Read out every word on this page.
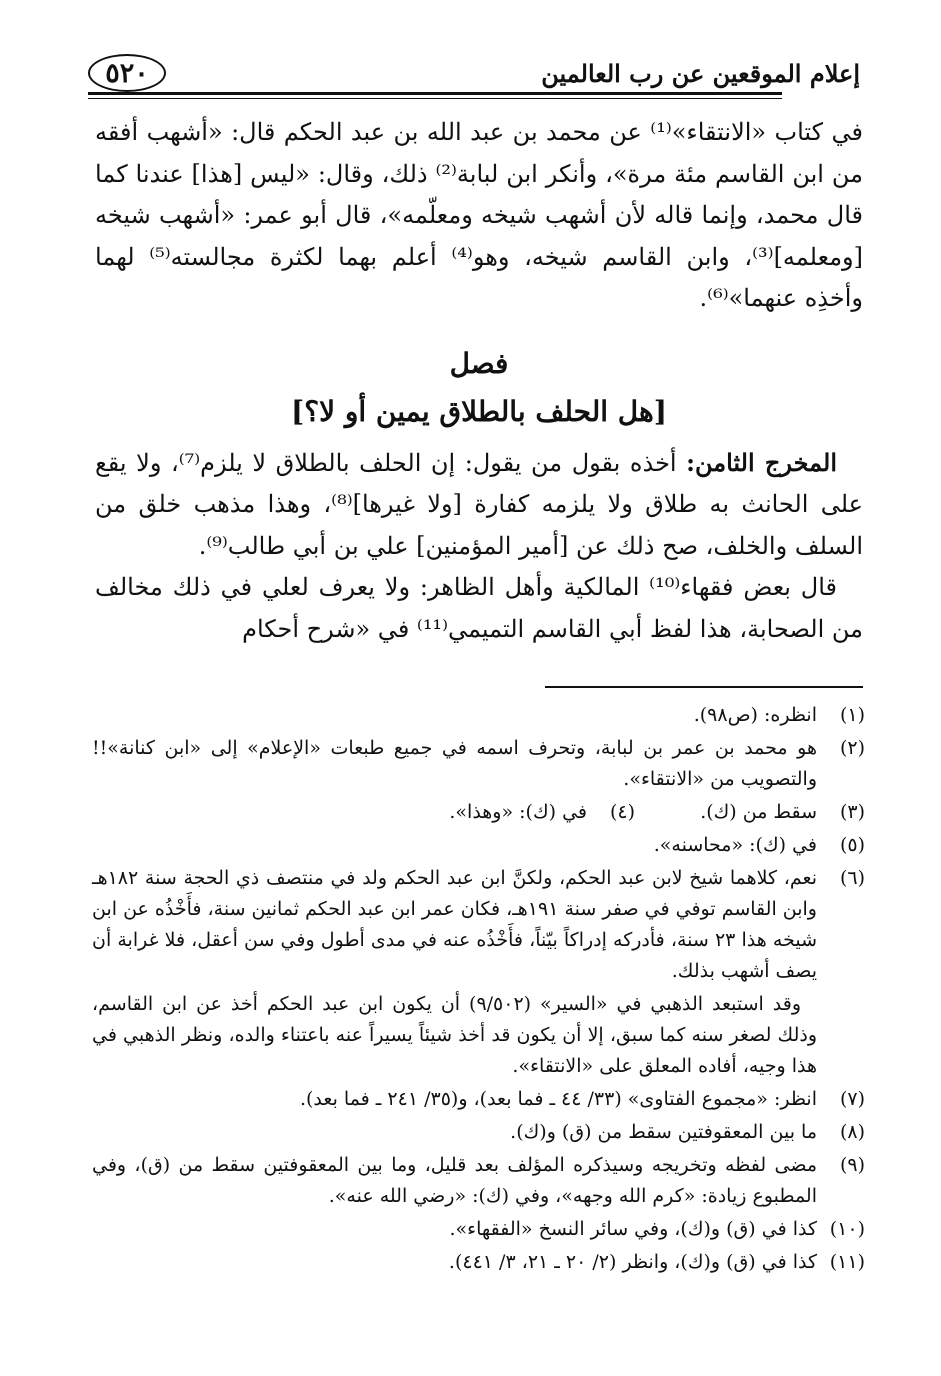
إعلام الموقعين عن رب العالمين
٥٢٠

في كتاب «الانتقاء»⁽¹⁾ عن محمد بن عبد الله بن عبد الحكم قال: «أشهب أفقه من ابن القاسم مئة مرة»، وأنكر ابن لبابة⁽²⁾ ذلك، وقال: «ليس [هذا] عندنا كما قال محمد، وإنما قاله لأن أشهب شيخه ومعلّمه»، قال أبو عمر: «أشهب شيخه [ومعلمه]⁽³⁾، وابن القاسم شيخه، وهو⁽⁴⁾ أعلم بهما لكثرة مجالسته⁽⁵⁾ لهما وأخذِه عنهما»⁽⁶⁾.

فصل
[هل الحلف بالطلاق يمين أو لا؟]

المخرج الثامن: أخذه بقول من يقول: إن الحلف بالطلاق لا يلزم⁽⁷⁾، ولا يقع على الحانث به طلاق ولا يلزمه كفارة [ولا غيرها]⁽⁸⁾، وهذا مذهب خلق من السلف والخلف، صح ذلك عن [أمير المؤمنين] علي بن أبي طالب⁽⁹⁾.

قال بعض فقهاء⁽¹⁰⁾ المالكية وأهل الظاهر: ولا يعرف لعلي في ذلك مخالف من الصحابة، هذا لفظ أبي القاسم التميمي⁽¹¹⁾ في «شرح أحكام

(١)
انظره: (ص٩٨).
(٢)
هو محمد بن عمر بن لبابة، وتحرف اسمه في جميع طبعات «الإعلام» إلى «ابن كنانة»!! والتصويب من «الانتقاء».
(٣)
سقط من (ك).
(٤)
في (ك): «وهذا».
(٥)
في (ك): «محاسنه».
(٦)
نعم، كلاهما شيخ لابن عبد الحكم، ولكنَّ ابن عبد الحكم ولد في منتصف ذي الحجة سنة ١٨٢هـ وابن القاسم توفي في صفر سنة ١٩١هـ، فكان عمر ابن عبد الحكم ثمانين سنة، فأَخْذُه عن ابن شيخه هذا ٢٣ سنة، فأدركه إدراكاً بيّناً، فأَخْذُه عنه في مدى أطول وفي سن أعقل، فلا غرابة أن يصف أشهب بذلك.
وقد استبعد الذهبي في «السير» (٩/٥٠٢) أن يكون ابن عبد الحكم أخذ عن ابن القاسم، وذلك لصغر سنه كما سبق، إلا أن يكون قد أخذ شيئاً يسيراً عنه باعتناء والده، ونظر الذهبي في هذا وجيه، أفاده المعلق على «الانتقاء».
(٧)
انظر: «مجموع الفتاوى» (٣٣/ ٤٤ ـ فما بعد)، و(٣٥/ ٢٤١ ـ فما بعد).
(٨)
ما بين المعقوفتين سقط من (ق) و(ك).
(٩)
مضى لفظه وتخريجه وسيذكره المؤلف بعد قليل، وما بين المعقوفتين سقط من (ق)، وفي المطبوع زيادة: «كرم الله وجهه»، وفي (ك): «رضي الله عنه».
(١٠)
كذا في (ق) و(ك)، وفي سائر النسخ «الفقهاء».
(١١)
كذا في (ق) و(ك)، وانظر (٢/ ٢٠ ـ ٢١، ٣/ ٤٤١).
